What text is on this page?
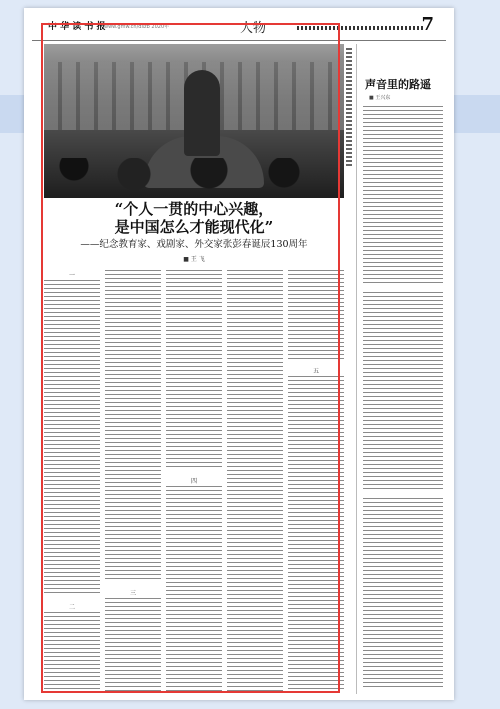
中 华 读 书 报
www.gmw.cn/dszb 2020年	人物	7
“个人一贯的中心兴趣，
是中国怎么才能现代化”
——纪念教育家、戏剧家、外交家张彭春诞辰130周年
■ 王 飞
一
二
三
四
五
声音里的路遥
■ 王兴东
